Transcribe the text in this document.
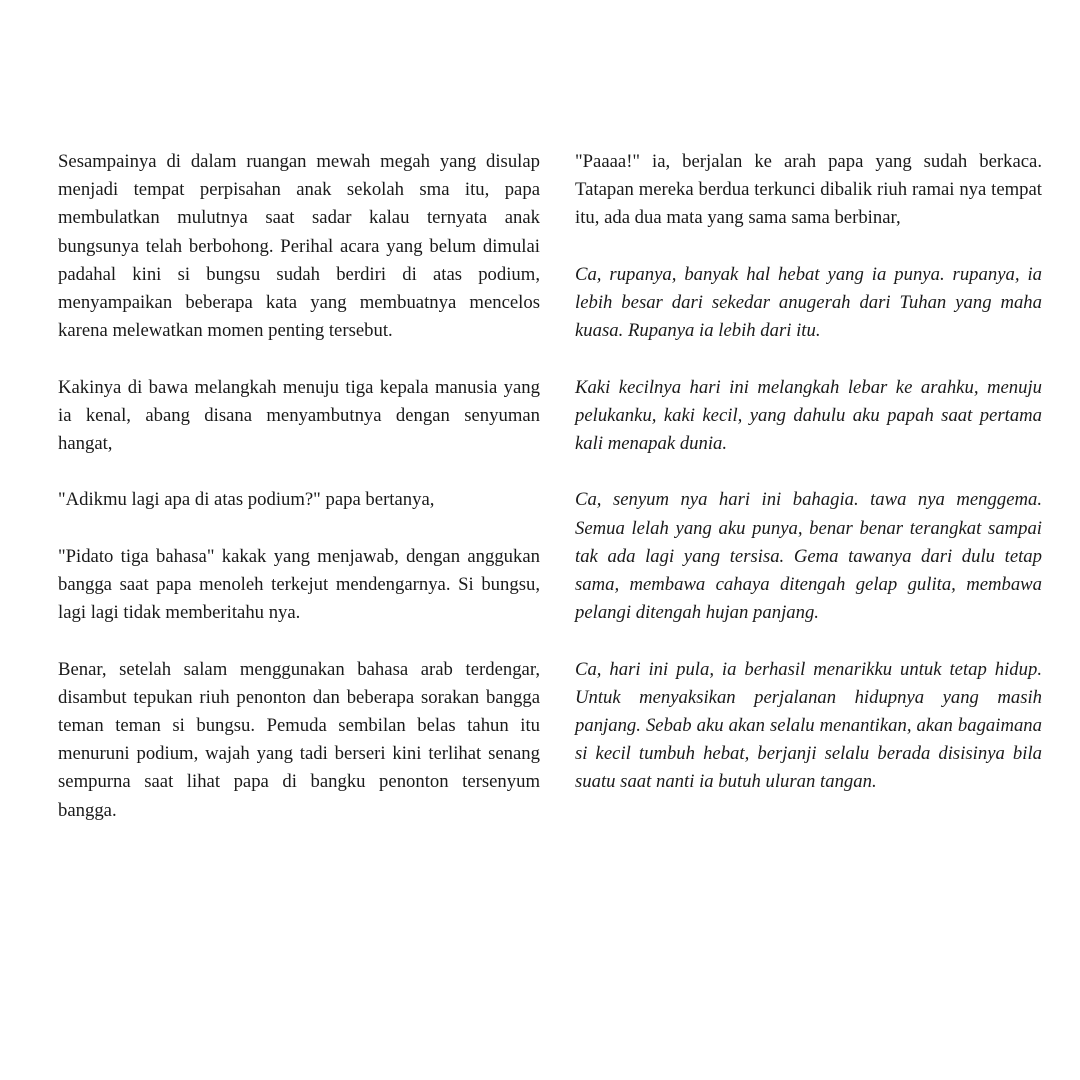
Sesampainya di dalam ruangan mewah megah yang disulap menjadi tempat perpisahan anak sekolah sma itu, papa membulatkan mulutnya saat sadar kalau ternyata anak bungsunya telah berbohong. Perihal acara yang belum dimulai padahal kini si bungsu sudah berdiri di atas podium, menyampaikan beberapa kata yang membuatnya mencelos karena melewatkan momen penting tersebut.

Kakinya di bawa melangkah menuju tiga kepala manusia yang ia kenal, abang disana menyambutnya dengan senyuman hangat,

"Adikmu lagi apa di atas podium?" papa bertanya,

"Pidato tiga bahasa" kakak yang menjawab, dengan anggukan bangga saat papa menoleh terkejut mendengarnya. Si bungsu, lagi lagi tidak memberitahu nya.

Benar, setelah salam menggunakan bahasa arab terdengar, disambut tepukan riuh penonton dan beberapa sorakan bangga teman teman si bungsu. Pemuda sembilan belas tahun itu menuruni podium, wajah yang tadi berseri kini terlihat senang sempurna saat lihat papa di bangku penonton tersenyum bangga.

"Paaaa!" ia, berjalan ke arah papa yang sudah berkaca. Tatapan mereka berdua terkunci dibalik riuh ramai nya tempat itu, ada dua mata yang sama sama berbinar,

Ca, rupanya, banyak hal hebat yang ia punya. rupanya, ia lebih besar dari sekedar anugerah dari Tuhan yang maha kuasa. Rupanya ia lebih dari itu.

Kaki kecilnya hari ini melangkah lebar ke arahku, menuju pelukanku, kaki kecil, yang dahulu aku papah saat pertama kali menapak dunia.

Ca, senyum nya hari ini bahagia. tawa nya menggema. Semua lelah yang aku punya, benar benar terangkat sampai tak ada lagi yang tersisa. Gema tawanya dari dulu tetap sama, membawa cahaya ditengah gelap gulita, membawa pelangi ditengah hujan panjang.

Ca, hari ini pula, ia berhasil menarikku untuk tetap hidup. Untuk menyaksikan perjalanan hidupnya yang masih panjang. Sebab aku akan selalu menantikan, akan bagaimana si kecil tumbuh hebat, berjanji selalu berada disisinya bila suatu saat nanti ia butuh uluran tangan.
